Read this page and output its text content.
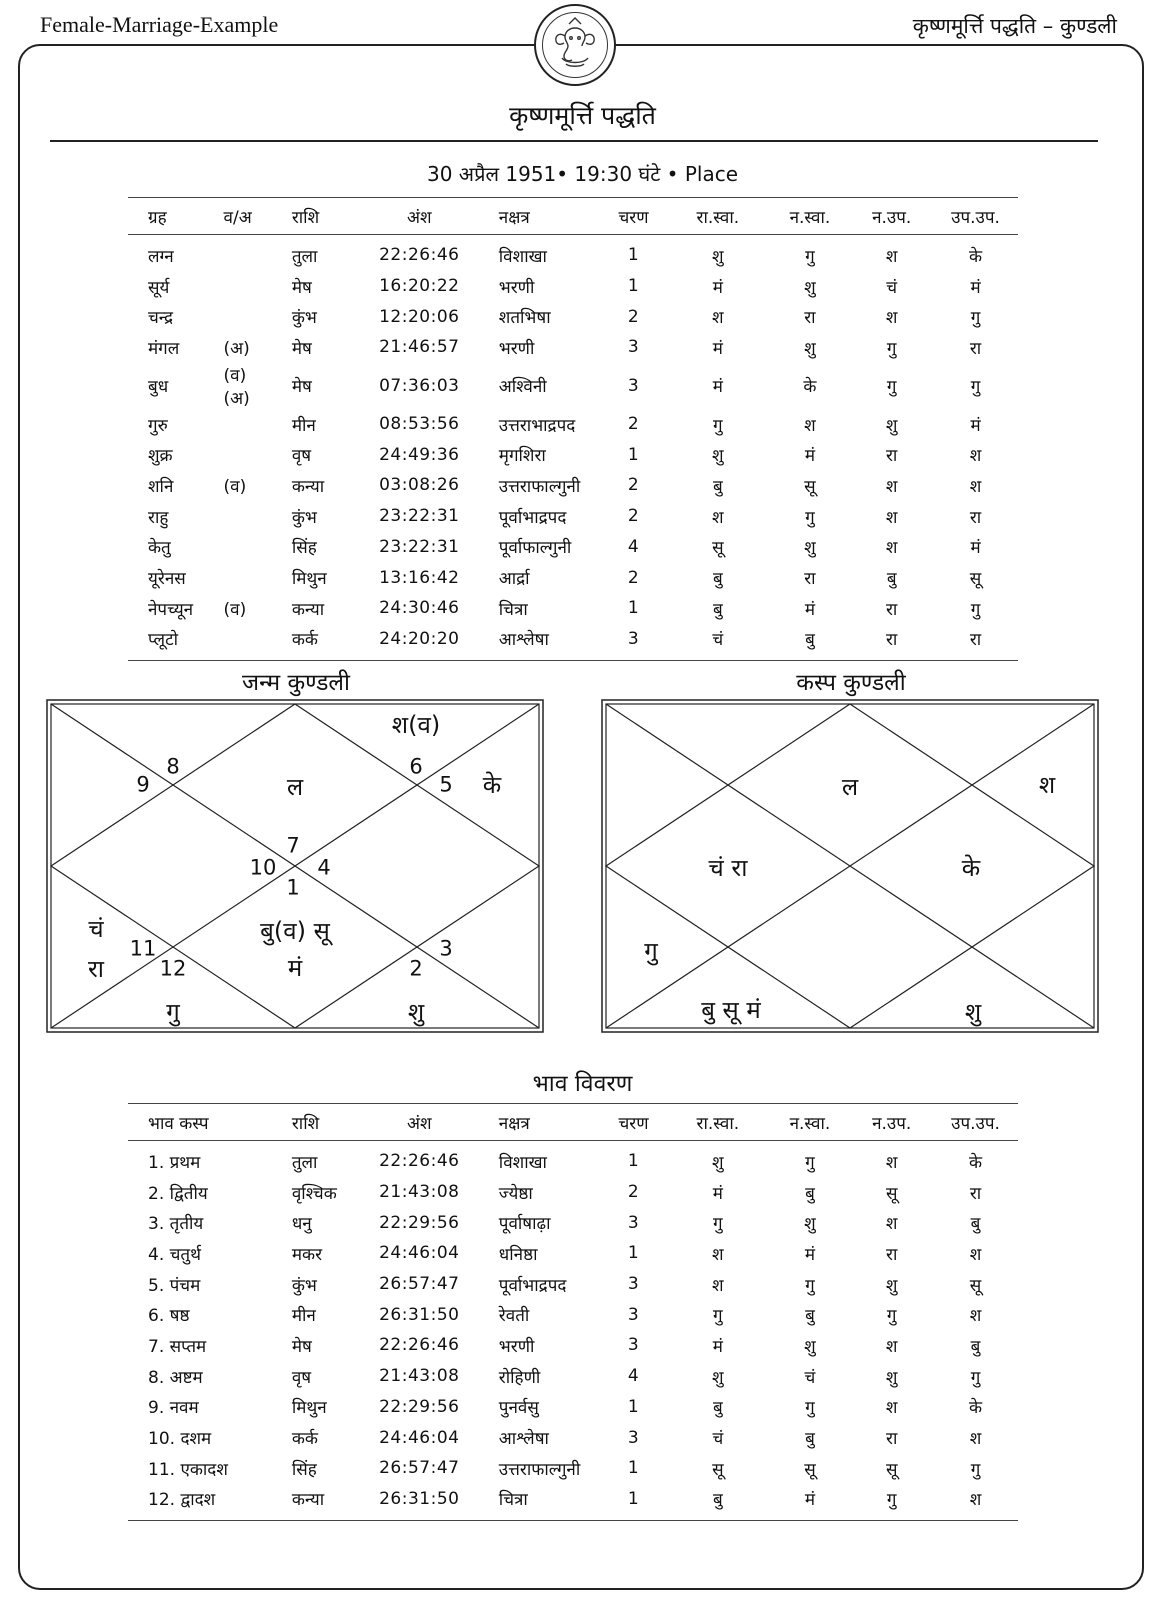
Female-Marriage-Example	कृष्णमूर्त्ति पद्धति – कुण्डली
कृष्णमूर्त्ति पद्धति
30 अप्रैल 1951• 19:30 घंटे • Place
ग्रह	व/अ	राशि	अंश	नक्षत्र	चरण	रा.स्वा.	न.स्वा.	न.उप.	उप.उप.
लग्न		तुला	22:26:46	विशाखा	1	शु	गु	श	के
सूर्य		मेष	16:20:22	भरणी	1	मं	शु	चं	मं
चन्द्र		कुंभ	12:20:06	शतभिषा	2	श	रा	श	गु
मंगल	(अ)	मेष	21:46:57	भरणी	3	मं	शु	गु	रा
बुध	(व)(अ)	मेष	07:36:03	अश्विनी	3	मं	के	गु	गु
गुरु		मीन	08:53:56	उत्तराभाद्रपद	2	गु	श	शु	मं
शुक्र		वृष	24:49:36	मृगशिरा	1	शु	मं	रा	श
शनि	(व)	कन्या	03:08:26	उत्तराफाल्गुनी	2	बु	सू	श	श
राहु		कुंभ	23:22:31	पूर्वाभाद्रपद	2	श	गु	श	रा
केतु		सिंह	23:22:31	पूर्वाफाल्गुनी	4	सू	शु	श	मं
यूरेनस		मिथुन	13:16:42	आर्द्रा	2	बु	रा	बु	सू
नेपच्यून	(व)	कन्या	24:30:46	चित्रा	1	बु	मं	रा	गु
प्लूटो		कर्क	24:20:20	आश्लेषा	3	चं	बु	रा	रा
जन्म कुण्डली
7
6
5
4
3
2
1
12
11
10
9
8
ल
श(व)
के
चं
रा
गु
बु(व) सू
मं
शु
कस्प कुण्डली
ल	श
चं रा	के
गु
बु सू मं	शु
भाव विवरण
भाव कस्प	राशि	अंश	नक्षत्र	चरण	रा.स्वा.	न.स्वा.	न.उप.	उप.उप.
1. प्रथम	तुला	22:26:46	विशाखा	1	शु	गु	श	के
2. द्वितीय	वृश्चिक	21:43:08	ज्येष्ठा	2	मं	बु	सू	रा
3. तृतीय	धनु	22:29:56	पूर्वाषाढ़ा	3	गु	शु	श	बु
4. चतुर्थ	मकर	24:46:04	धनिष्ठा	1	श	मं	रा	श
5. पंचम	कुंभ	26:57:47	पूर्वाभाद्रपद	3	श	गु	शु	सू
6. षष्ठ	मीन	26:31:50	रेवती	3	गु	बु	गु	श
7. सप्तम	मेष	22:26:46	भरणी	3	मं	शु	श	बु
8. अष्टम	वृष	21:43:08	रोहिणी	4	शु	चं	शु	गु
9. नवम	मिथुन	22:29:56	पुनर्वसु	1	बु	गु	श	के
10. दशम	कर्क	24:46:04	आश्लेषा	3	चं	बु	रा	श
11. एकादश	सिंह	26:57:47	उत्तराफाल्गुनी	1	सू	सू	सू	गु
12. द्वादश	कन्या	26:31:50	चित्रा	1	बु	मं	गु	श
